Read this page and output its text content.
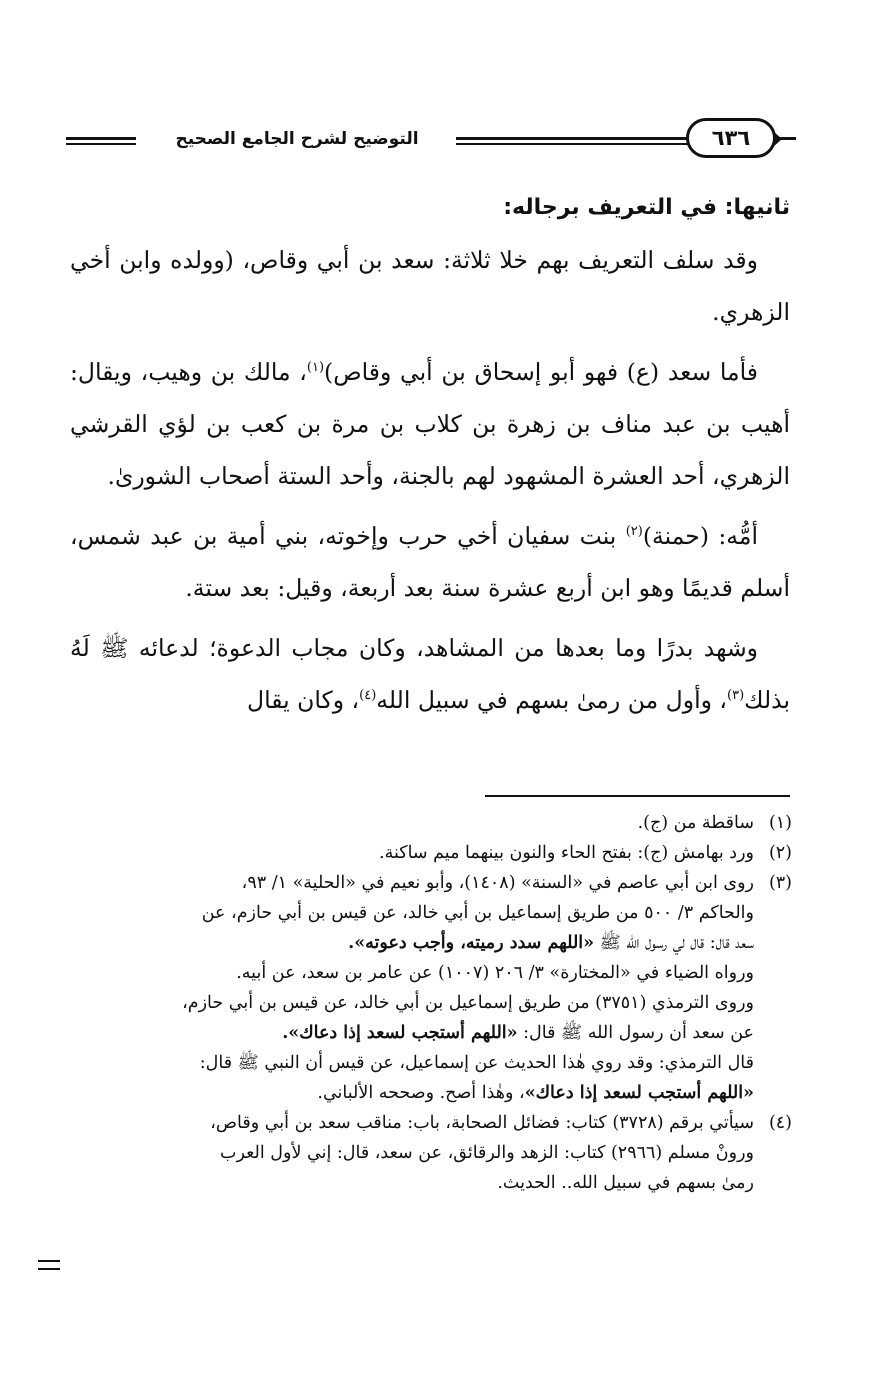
التوضيح لشرح الجامع الصحيح	٦٣٦

ثانيها: في التعريف برجاله:

وقد سلف التعريف بهم خلا ثلاثة: سعد بن أبي وقاص، (وولده وابن أخي الزهري.

فأما سعد (ع) فهو أبو إسحاق بن أبي وقاص)$^{(١)}$، مالك بن وهيب، ويقال: أهيب بن عبد مناف بن زهرة بن كلاب بن مرة بن كعب بن لؤي القرشي الزهري، أحد العشرة المشهود لهم بالجنة، وأحد الستة أصحاب الشورىٰ.

أمُّه: (حمنة)$^{(٢)}$ بنت سفيان أخي حرب وإخوته، بني أمية بن عبد شمس، أسلم قديمًا وهو ابن أربع عشرة سنة بعد أربعة، وقيل: بعد ستة.

وشهد بدرًا وما بعدها من المشاهد، وكان مجاب الدعوة؛ لدعائه ﷺ لَهُ بذلك$^{(٣)}$، وأول من رمىٰ بسهم في سبيل الله$^{(٤)}$، وكان يقال

(١)
ساقطة من (ج).
(٢)
ورد بهامش (ج): بفتح الحاء والنون بينهما ميم ساكنة.
(٣)
روى ابن أبي عاصم في «السنة» (١٤٠٨)، وأبو نعيم في «الحلية» ١/ ٩٣،
والحاكم ٣/ ٥٠٠ من طريق إسماعيل بن أبي خالد، عن قيس بن أبي حازم، عن
سعد قال: قال لي رسول الله ﷺ «اللهم سدد رميته، وأجب دعوته».
ورواه الضياء في «المختارة» ٣/ ٢٠٦ (١٠٠٧) عن عامر بن سعد، عن أبيه.
وروى الترمذي (٣٧٥١) من طريق إسماعيل بن أبي خالد، عن قيس بن أبي حازم،
عن سعد أن رسول الله ﷺ قال: «اللهم أستجب لسعد إذا دعاك».
قال الترمذي: وقد روي هٰذا الحديث عن إسماعيل، عن قيس أن النبي ﷺ قال:
«اللهم أستجب لسعد إذا دعاك»، وهٰذا أصح. وصححه الألباني.
(٤)
سيأتي برقم (٣٧٢٨) كتاب: فضائل الصحابة، باب: مناقب سعد بن أبي وقاص،
ورونْ مسلم (٢٩٦٦) كتاب: الزهد والرقائق، عن سعد، قال: إني لأول العرب
رمىٰ بسهم في سبيل الله.. الحديث.
